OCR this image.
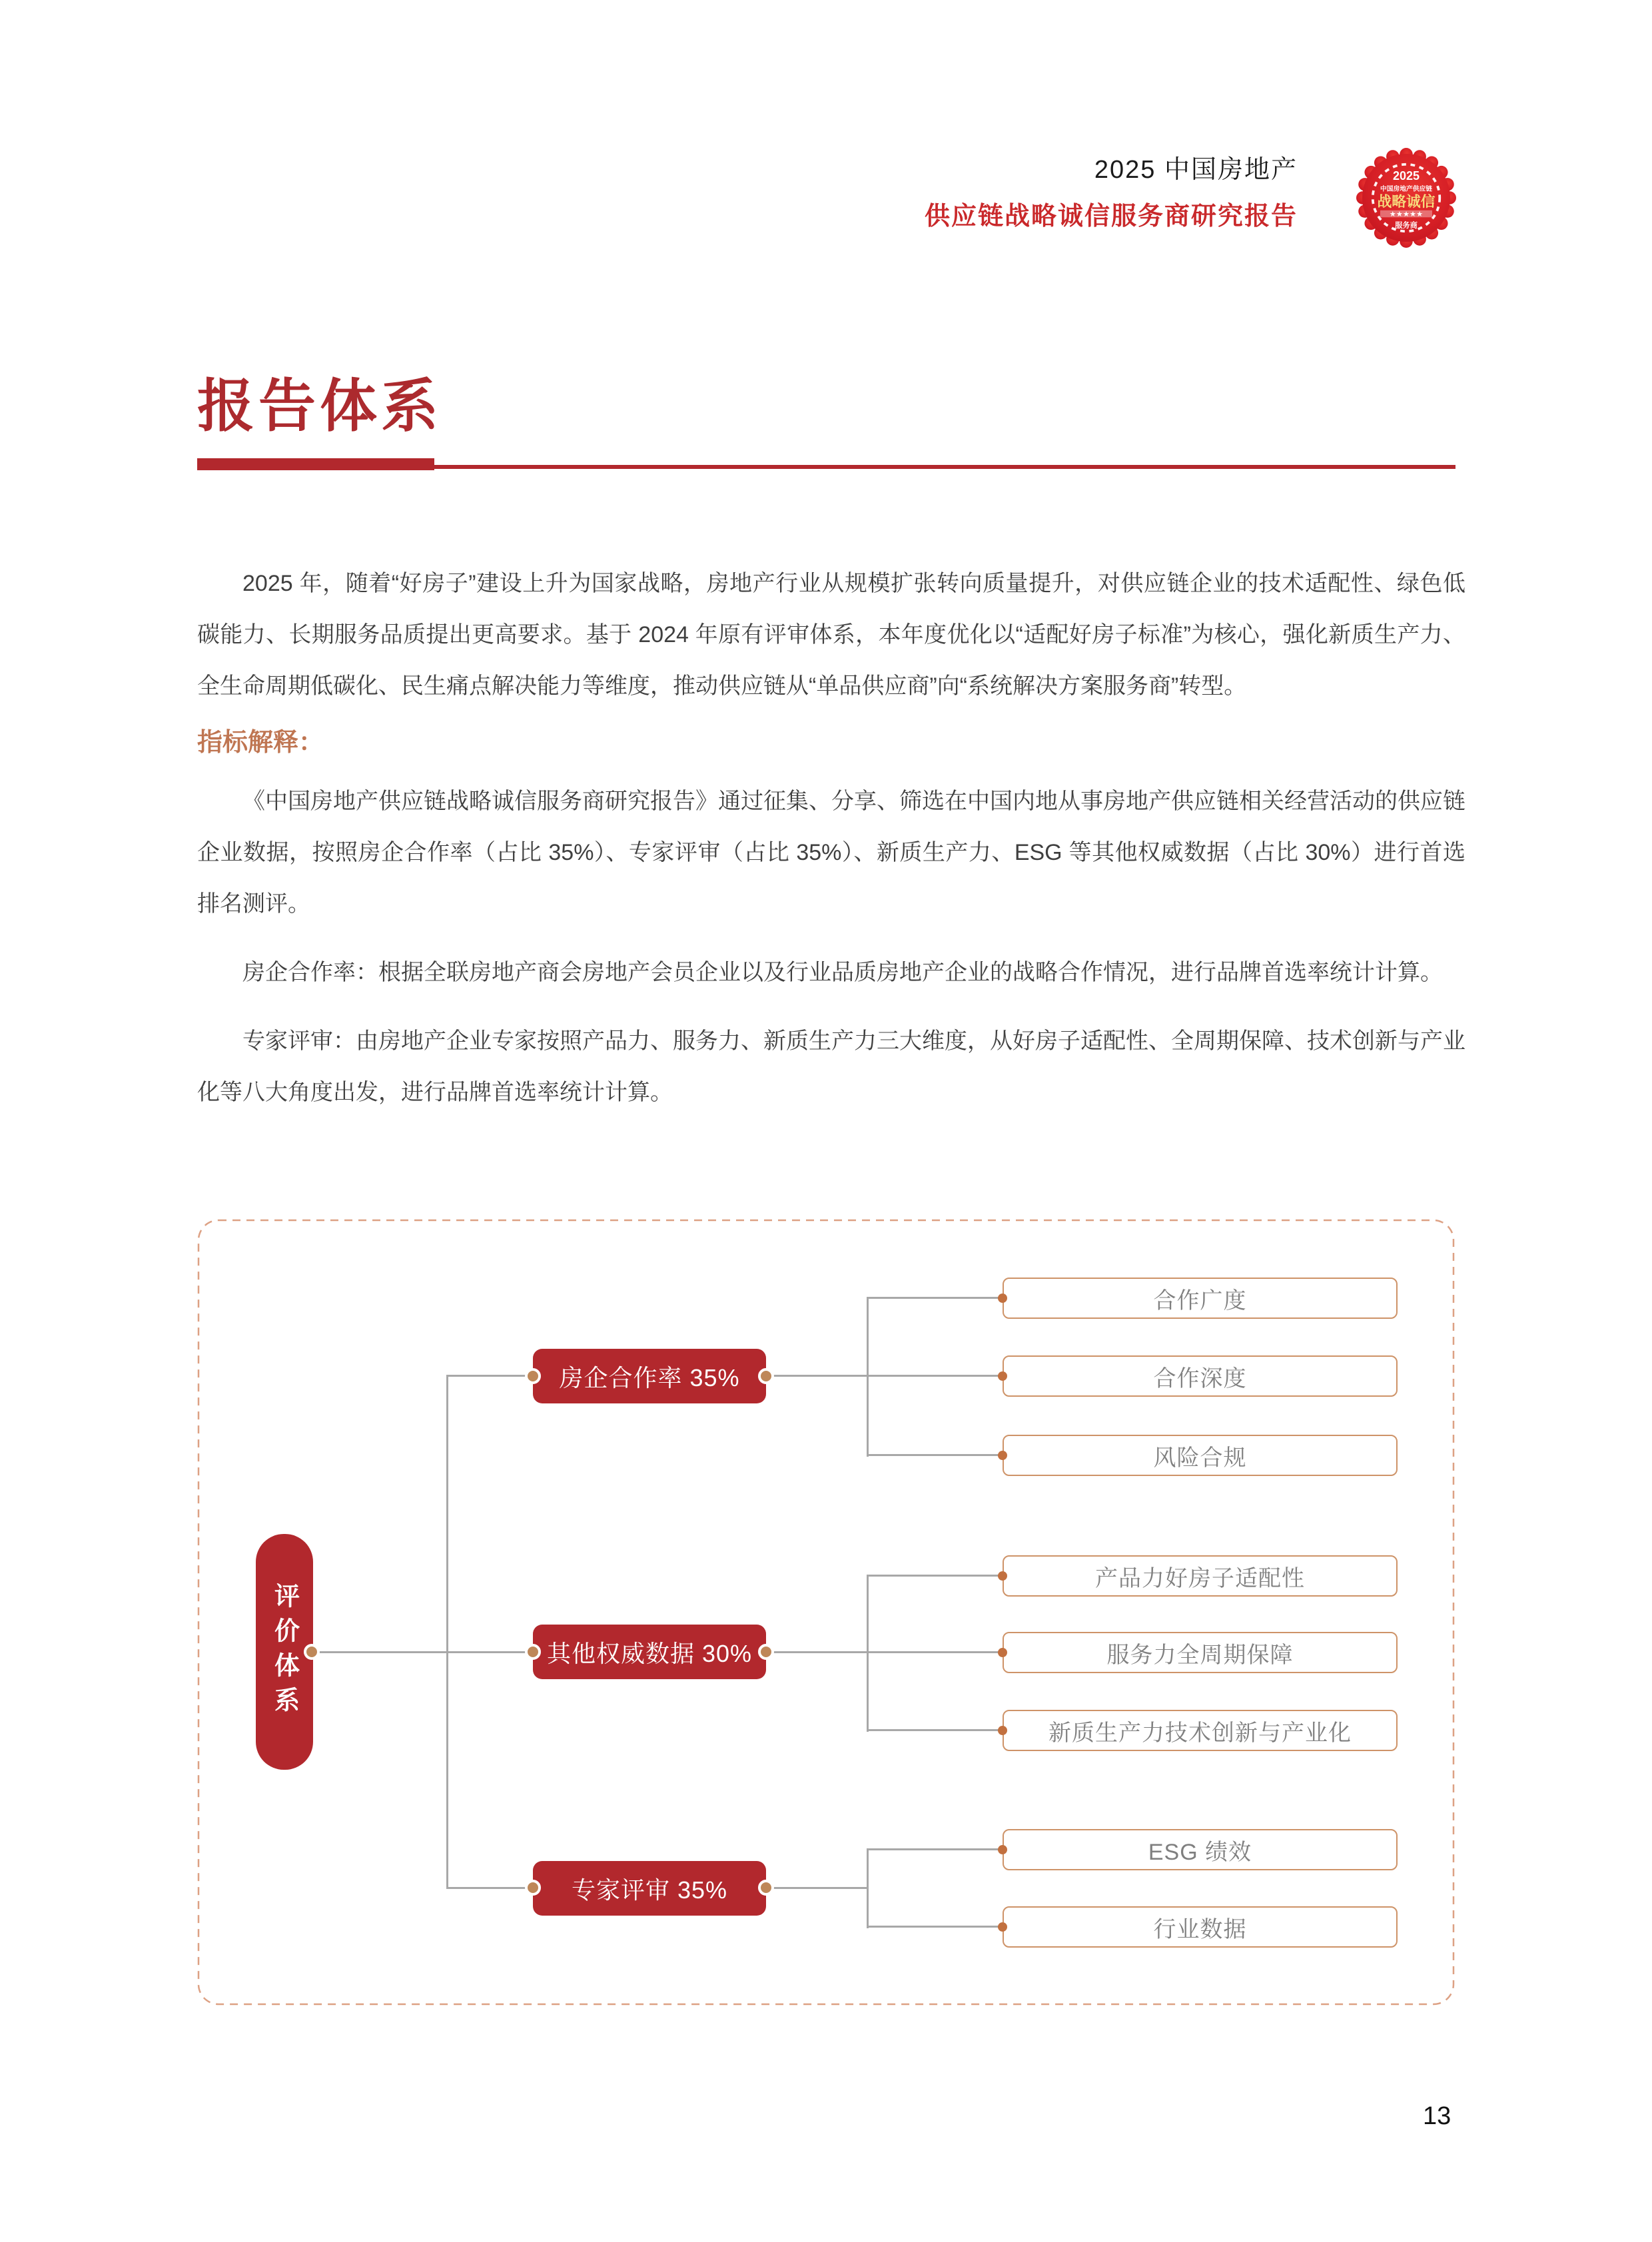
2025 中国房地产
供应链战略诚信服务商研究报告
2025
中国房地产供应链
战略诚信
★★★★★
服务商
报告体系

2025 年，随着“好房子”建设上升为国家战略，房地产行业从规模扩张转向质量提升，对供应链企业的技术适配性、绿色低碳能力、长期服务品质提出更高要求。基于 2024 年原有评审体系，本年度优化以“适配好房子标准”为核心，强化新质生产力、全生命周期低碳化、民生痛点解决能力等维度，推动供应链从“单品供应商”向“系统解决方案服务商”转型。

指标解释：

《中国房地产供应链战略诚信服务商研究报告》通过征集、分享、筛选在中国内地从事房地产供应链相关经营活动的供应链企业数据，按照房企合作率（占比 35%）、专家评审（占比 35%）、新质生产力、ESG 等其他权威数据（占比 30%）进行首选排名测评。

房企合作率：根据全联房地产商会房地产会员企业以及行业品质房地产企业的战略合作情况，进行品牌首选率统计计算。

专家评审：由房地产企业专家按照产品力、服务力、新质生产力三大维度，从好房子适配性、全周期保障、技术创新与产业化等八大角度出发，进行品牌首选率统计计算。

评价体系
房企合作率 35%
其他权威数据 30%
专家评审 35%
合作广度
合作深度
风险合规
产品力好房子适配性
服务力全周期保障
新质生产力技术创新与产业化
ESG 绩效
行业数据
13
